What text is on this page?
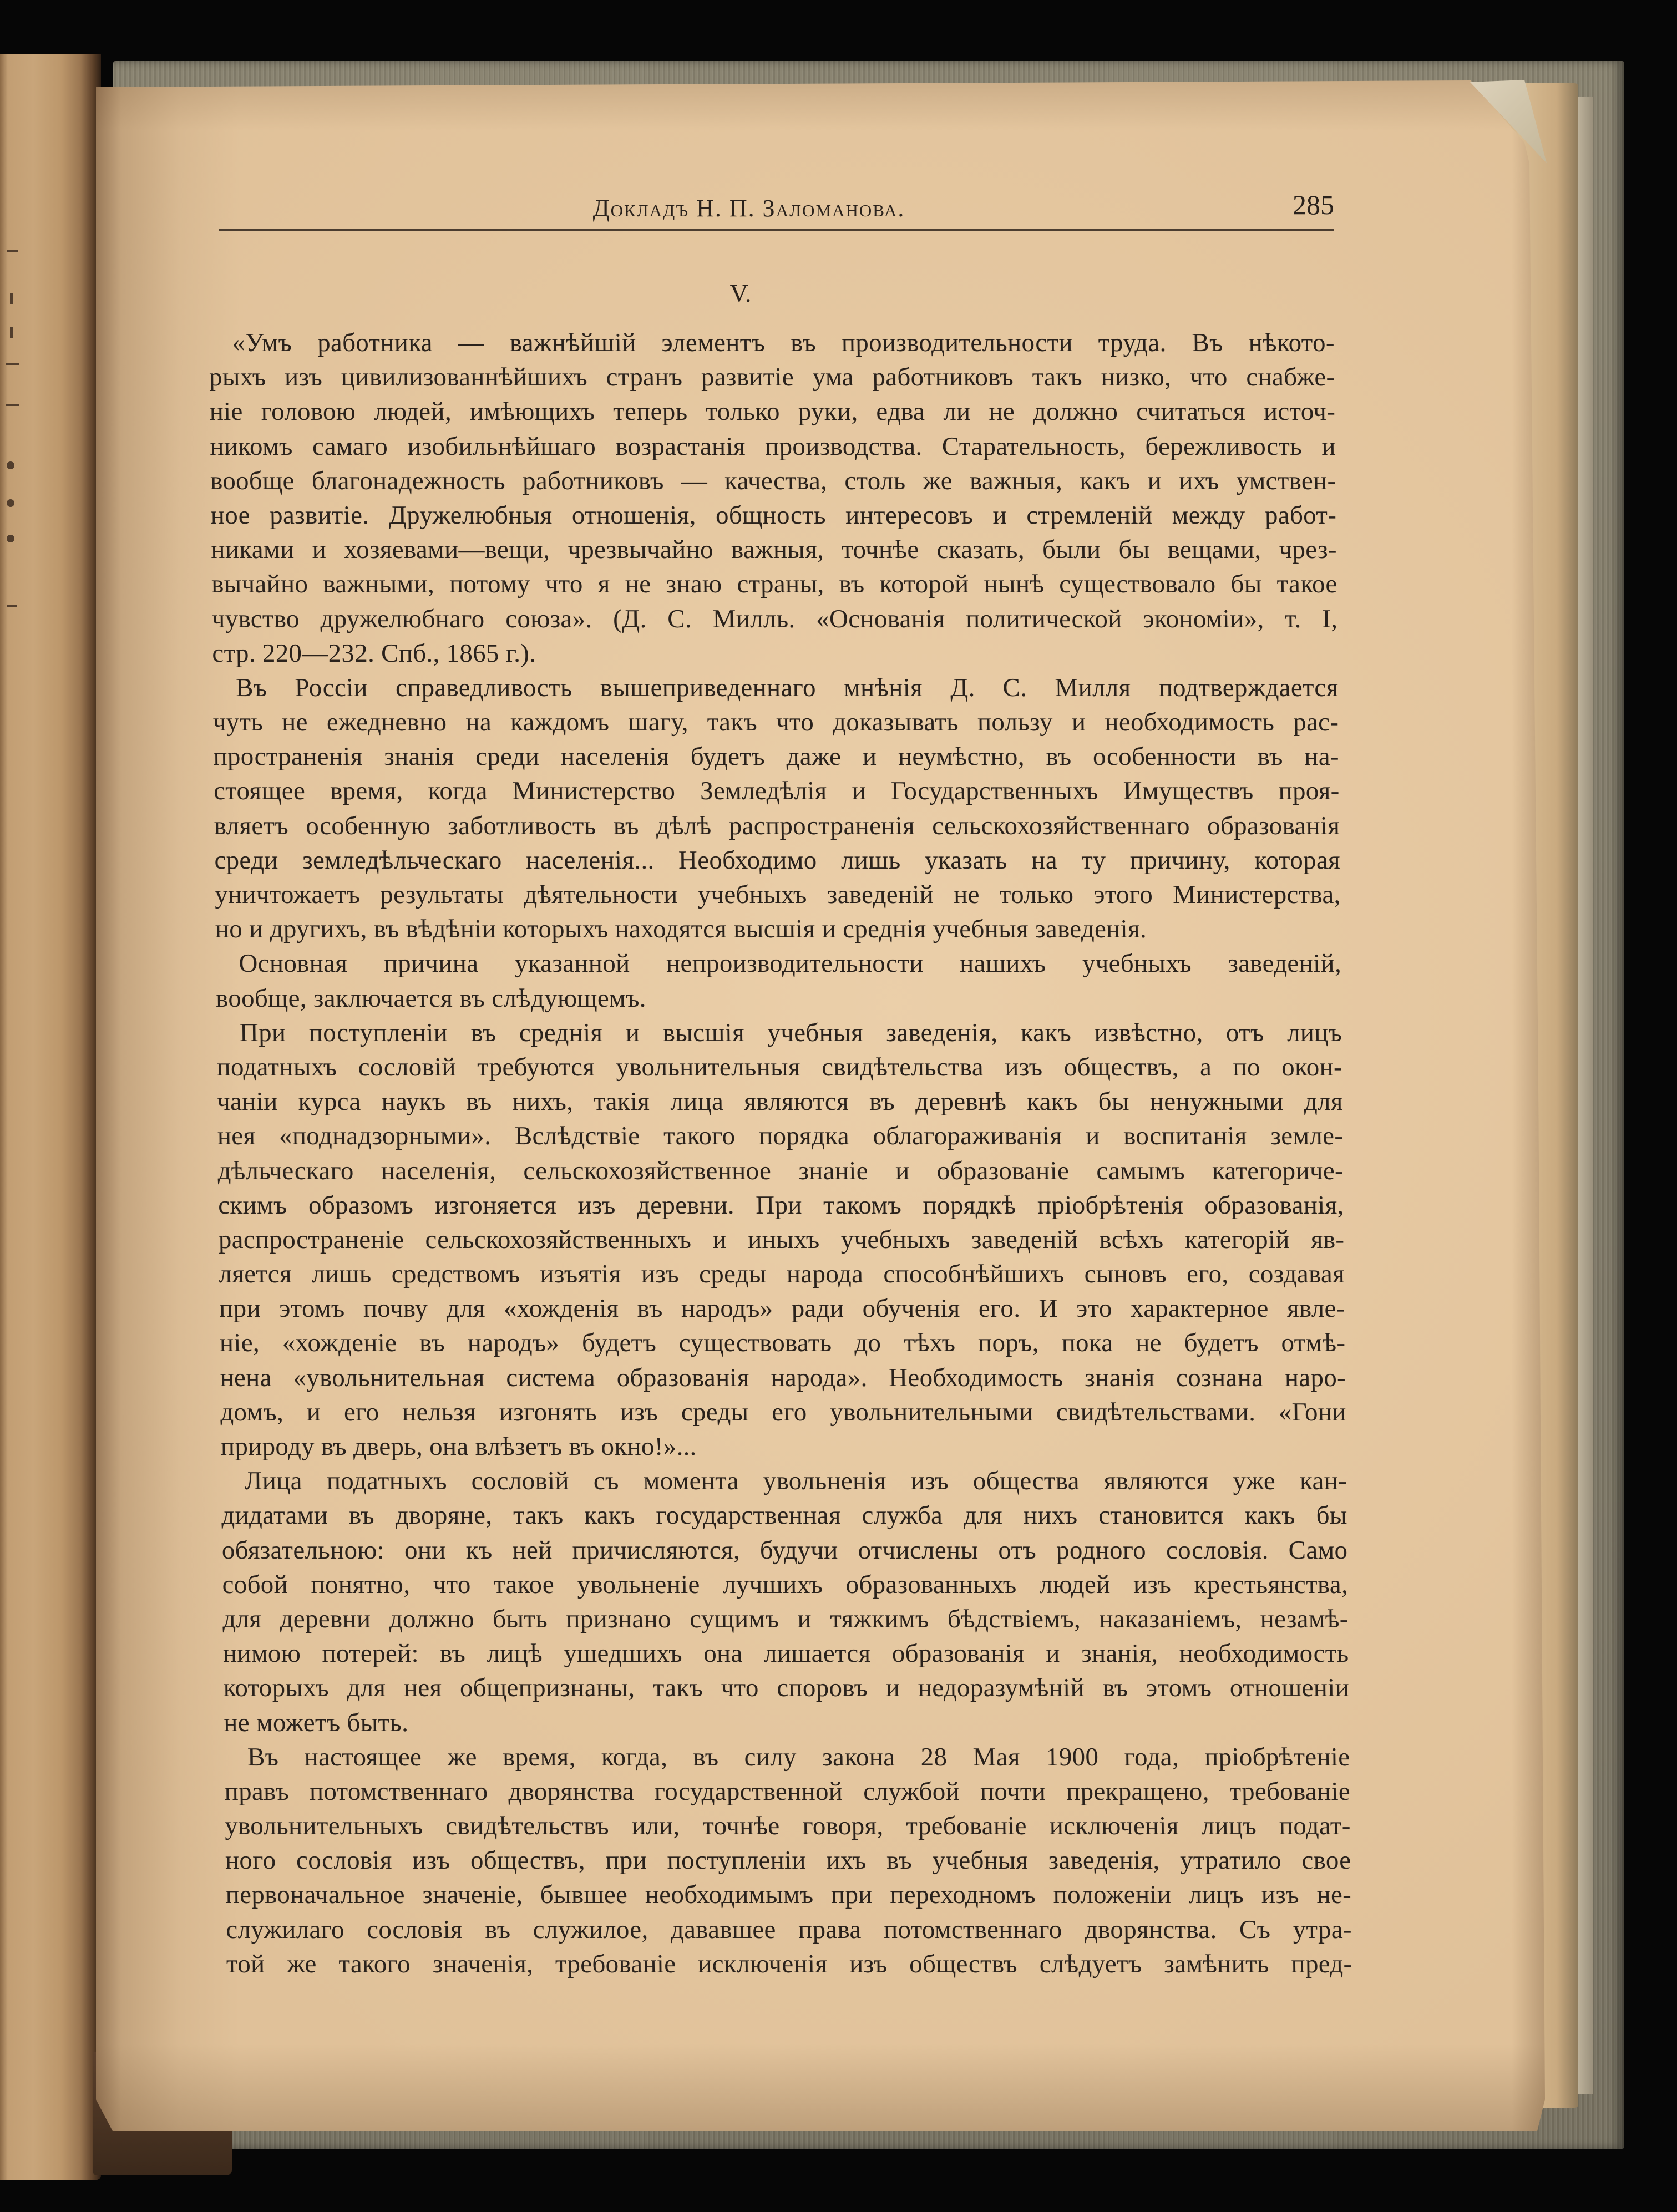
Докладъ Н. П. Заломанова.	285
V.
«Умъ работника — важнѣйшій элементъ въ производительности труда. Въ нѣкото-
рыхъ изъ цивилизованнѣйшихъ странъ развитіе ума работниковъ такъ низко, что снабже-
ніе головою людей, имѣющихъ теперь только руки, едва ли не должно считаться источ-
никомъ самаго изобильнѣйшаго возрастанія производства. Старательность, бережливость и
вообще благонадежность работниковъ — качества, столь же важныя, какъ и ихъ умствен-
ное развитіе. Дружелюбныя отношенія, общность интересовъ и стремленій между работ-
никами и хозяевами—вещи, чрезвычайно важныя, точнѣе сказать, были бы вещами, чрез-
вычайно важными, потому что я не знаю страны, въ которой нынѣ существовало бы такое
чувство дружелюбнаго союза». (Д. С. Милль. «Основанія политической экономіи», т. I,
стр. 220—232. Спб., 1865 г.).
Въ Россіи справедливость вышеприведеннаго мнѣнія Д. С. Милля подтверждается
чуть не ежедневно на каждомъ шагу, такъ что доказывать пользу и необходимость рас-
пространенія знанія среди населенія будетъ даже и неумѣстно, въ особенности въ на-
стоящее время, когда Министерство Земледѣлія и Государственныхъ Имуществъ проя-
вляетъ особенную заботливость въ дѣлѣ распространенія сельскохозяйственнаго образованія
среди земледѣльческаго населенія... Необходимо лишь указать на ту причину, которая
уничтожаетъ результаты дѣятельности учебныхъ заведеній не только этого Министерства,
но и другихъ, въ вѣдѣніи которыхъ находятся высшія и среднія учебныя заведенія.
Основная причина указанной непроизводительности нашихъ учебныхъ заведеній,
вообще, заключается въ слѣдующемъ.
При поступленіи въ среднія и высшія учебныя заведенія, какъ извѣстно, отъ лицъ
податныхъ сословій требуются увольнительныя свидѣтельства изъ обществъ, а по окон-
чаніи курса наукъ въ нихъ, такія лица являются въ деревнѣ какъ бы ненужными для
нея «поднадзорными». Вслѣдствіе такого порядка облагораживанія и воспитанія земле-
дѣльческаго населенія, сельскохозяйственное знаніе и образованіе самымъ категориче-
скимъ образомъ изгоняется изъ деревни. При такомъ порядкѣ пріобрѣтенія образованія,
распространеніе сельскохозяйственныхъ и иныхъ учебныхъ заведеній всѣхъ категорій яв-
ляется лишь средствомъ изъятія изъ среды народа способнѣйшихъ сыновъ его, создавая
при этомъ почву для «хожденія въ народъ» ради обученія его. И это характерное явле-
ніе, «хожденіе въ народъ» будетъ существовать до тѣхъ поръ, пока не будетъ отмѣ-
нена «увольнительная система образованія народа». Необходимость знанія сознана наро-
домъ, и его нельзя изгонять изъ среды его увольнительными свидѣтельствами. «Гони
природу въ дверь, она влѣзетъ въ окно!»...
Лица податныхъ сословій съ момента увольненія изъ общества являются уже кан-
дидатами въ дворяне, такъ какъ государственная служба для нихъ становится какъ бы
обязательною: они къ ней причисляются, будучи отчислены отъ родного сословія. Само
собой понятно, что такое увольненіе лучшихъ образованныхъ людей изъ крестьянства,
для деревни должно быть признано сущимъ и тяжкимъ бѣдствіемъ, наказаніемъ, незамѣ-
нимою потерей: въ лицѣ ушедшихъ она лишается образованія и знанія, необходимость
которыхъ для нея общепризнаны, такъ что споровъ и недоразумѣній въ этомъ отношеніи
не можетъ быть.
Въ настоящее же время, когда, въ силу закона 28 Мая 1900 года, пріобрѣтеніе
правъ потомственнаго дворянства государственной службой почти прекращено, требованіе
увольнительныхъ свидѣтельствъ или, точнѣе говоря, требованіе исключенія лицъ подат-
ного сословія изъ обществъ, при поступленіи ихъ въ учебныя заведенія, утратило свое
первоначальное значеніе, бывшее необходимымъ при переходномъ положеніи лицъ изъ не-
служилаго сословія въ служилое, дававшее права потомственнаго дворянства. Съ утра-
той же такого значенія, требованіе исключенія изъ обществъ слѣдуетъ замѣнить пред-
